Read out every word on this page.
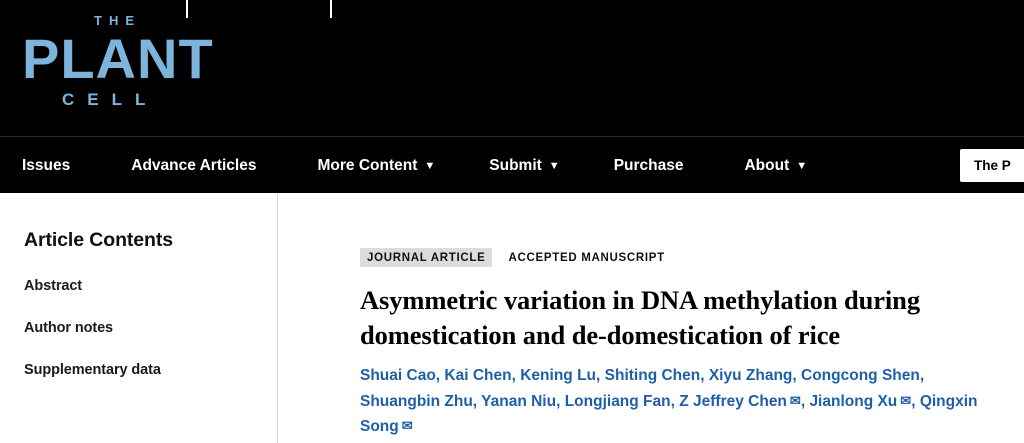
THE
PLANT
CELL
Issues	Advance Articles	More Content ▼	Submit ▼	Purchase	About ▼	The P
Article Contents
Abstract
Author notes
Supplementary data
JOURNAL ARTICLE	ACCEPTED MANUSCRIPT
Asymmetric variation in DNA methylation during domestication and de-domestication of rice
Shuai Cao, Kai Chen, Kening Lu, Shiting Chen, Xiyu Zhang, Congcong Shen, Shuangbin Zhu, Yanan Niu, Longjiang Fan, Z Jeffrey Chen ✉, Jianlong Xu ✉, Qingxin Song ✉
